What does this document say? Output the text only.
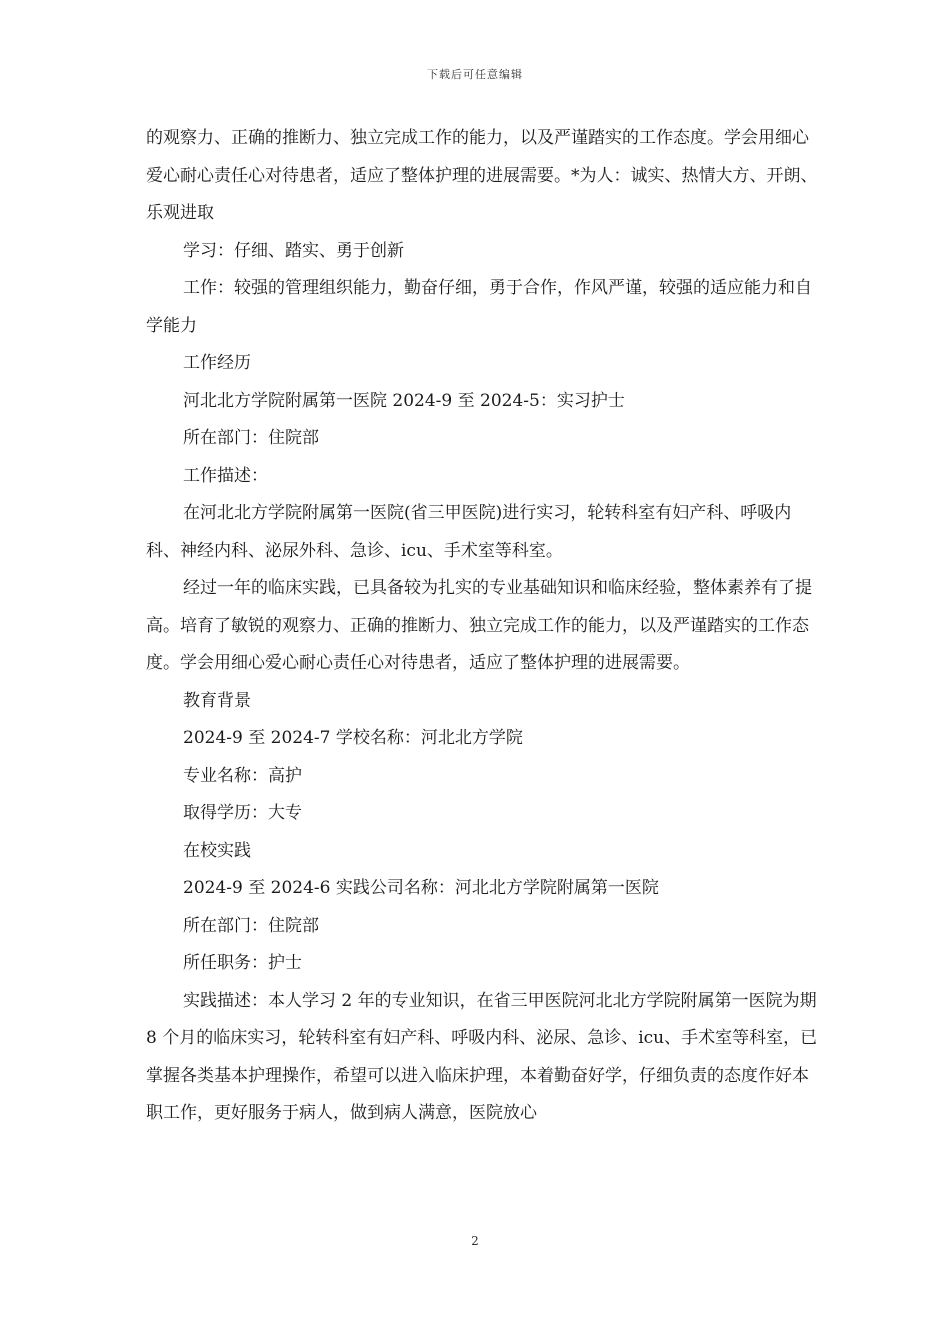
下载后可任意编辑

的观察力、正确的推断力、独立完成工作的能力，以及严谨踏实的工作态度。学会用细心爱心耐心责任心对待患者，适应了整体护理的进展需要。*为人：诚实、热情大方、开朗、乐观进取

学习：仔细、踏实、勇于创新

工作：较强的管理组织能力，勤奋仔细，勇于合作，作风严谨，较强的适应能力和自学能力

工作经历

河北北方学院附属第一医院 2024-9 至 2024-5：实习护士

所在部门：住院部

工作描述：

在河北北方学院附属第一医院(省三甲医院)进行实习，轮转科室有妇产科、呼吸内科、神经内科、泌尿外科、急诊、icu、手术室等科室。

经过一年的临床实践，已具备较为扎实的专业基础知识和临床经验，整体素养有了提高。培育了敏锐的观察力、正确的推断力、独立完成工作的能力，以及严谨踏实的工作态度。学会用细心爱心耐心责任心对待患者，适应了整体护理的进展需要。

教育背景

2024-9 至 2024-7 学校名称：河北北方学院

专业名称：高护

取得学历：大专

在校实践

2024-9 至 2024-6 实践公司名称：河北北方学院附属第一医院

所在部门：住院部

所任职务：护士

实践描述：本人学习 2 年的专业知识，在省三甲医院河北北方学院附属第一医院为期 8 个月的临床实习，轮转科室有妇产科、呼吸内科、泌尿、急诊、icu、手术室等科室，已掌握各类基本护理操作，希望可以进入临床护理，本着勤奋好学，仔细负责的态度作好本职工作，更好服务于病人，做到病人满意，医院放心

2
